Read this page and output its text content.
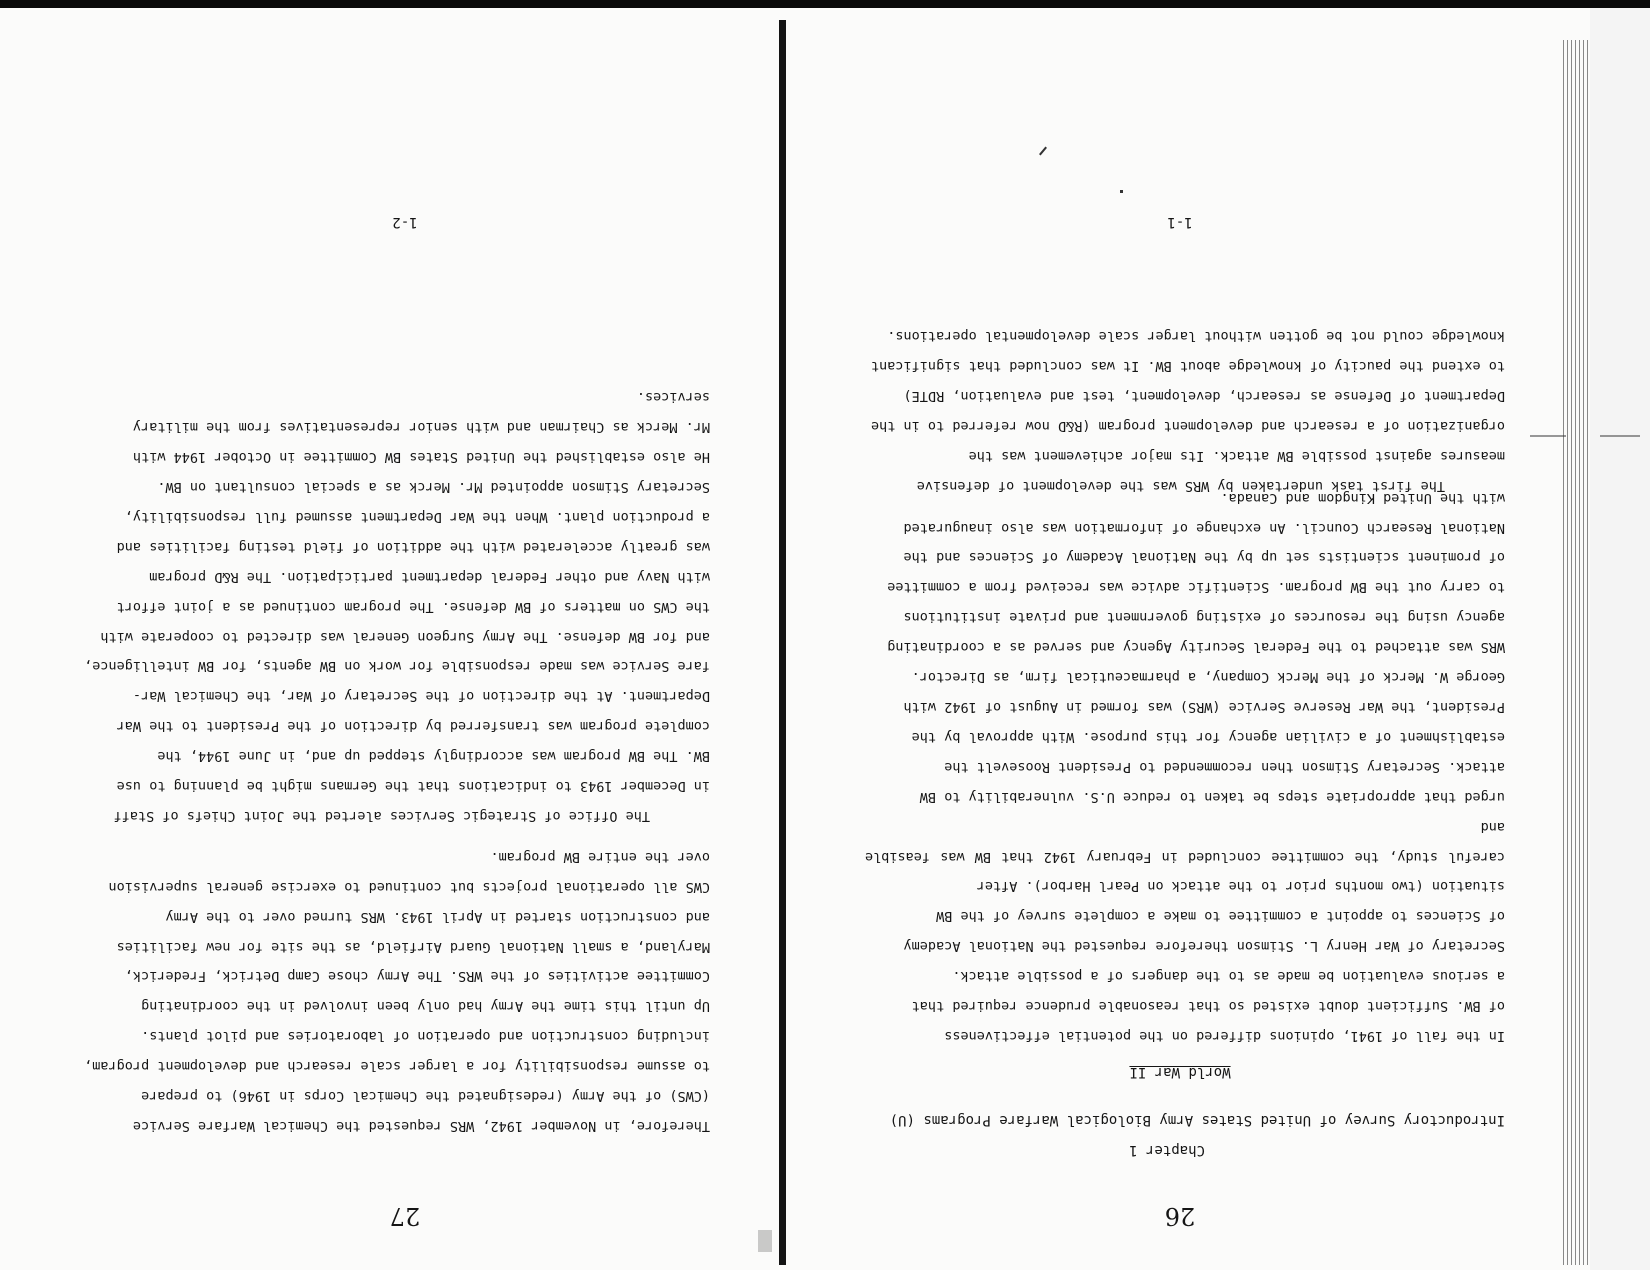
27
Therefore, in November 1942, WRS requested the Chemical Warfare Service
(CWS) of the Army (redesignated the Chemical Corps in 1946) to prepare
to assume responsibility for a larger scale research and development program,
including construction and operation of laboratories and pilot plants.
Up until this time the Army had only been involved in the coordinating
Committee activities of the WRS. The Army chose Camp Detrick, Frederick,
Maryland, a small National Guard Airfield, as the site for new facilities
and construction started in April 1943. WRS turned over to the Army
CWS all operational projects but continued to exercise general supervision
over the entire BW program.
The Office of Strategic Services alerted the Joint Chiefs of Staff
in December 1943 to indications that the Germans might be planning to use
BW. The BW program was accordingly stepped up and, in June 1944, the
complete program was transferred by direction of the President to the War
Department. At the direction of the Secretary of War, the Chemical War-
fare Service was made responsible for work on BW agents, for BW intelligence,
and for BW defense. The Army Surgeon General was directed to cooperate with
the CWS on matters of BW defense. The program continued as a joint effort
with Navy and other Federal department participation. The R&D program
was greatly accelerated with the addition of field testing facilities and
a production plant. When the War Department assumed full responsibility,
Secretary Stimson appointed Mr. Merck as a special consultant on BW.
He also established the United States BW Committee in October 1944 with
Mr. Merck as Chairman and with senior representatives from the military
services.
1-2
26
Chapter 1
Introductory Survey of United States Army Biological Warfare Programs (U)
World War II
In the fall of 1941, opinions differed on the potential effectiveness
of BW. Sufficient doubt existed so that reasonable prudence required that
a serious evaluation be made as to the dangers of a possible attack.
Secretary of War Henry L. Stimson therefore requested the National Academy
of Sciences to appoint a committee to make a complete survey of the BW
situation (two months prior to the attack on Pearl Harbor). After
careful study, the committee concluded in February 1942 that BW was feasible and
urged that appropriate steps be taken to reduce U.S. vulnerability to BW
attack. Secretary Stimson then recommended to President Roosevelt the
establishment of a civilian agency for this purpose. With approval by the
President, the War Reserve Service (WRS) was formed in August of 1942 with
George W. Merck of the Merck Company, a pharmaceutical firm, as Director.
WRS was attached to the Federal Security Agency and served as a coordinating
agency using the resources of existing government and private institutions
to carry out the BW program. Scientific advice was received from a committee
of prominent scientists set up by the National Academy of Sciences and the
National Research Council. An exchange of information was also inaugurated
with the United Kingdom and Canada.
The first task undertaken by WRS was the development of defensive
measures against possible BW attack. Its major achievement was the
organization of a research and development program (R&D now referred to in the
Department of Defense as research, development, test and evaluation, RDTE)
to extend the paucity of knowledge about BW. It was concluded that significant
knowledge could not be gotten without larger scale developmental operations.
1-1
